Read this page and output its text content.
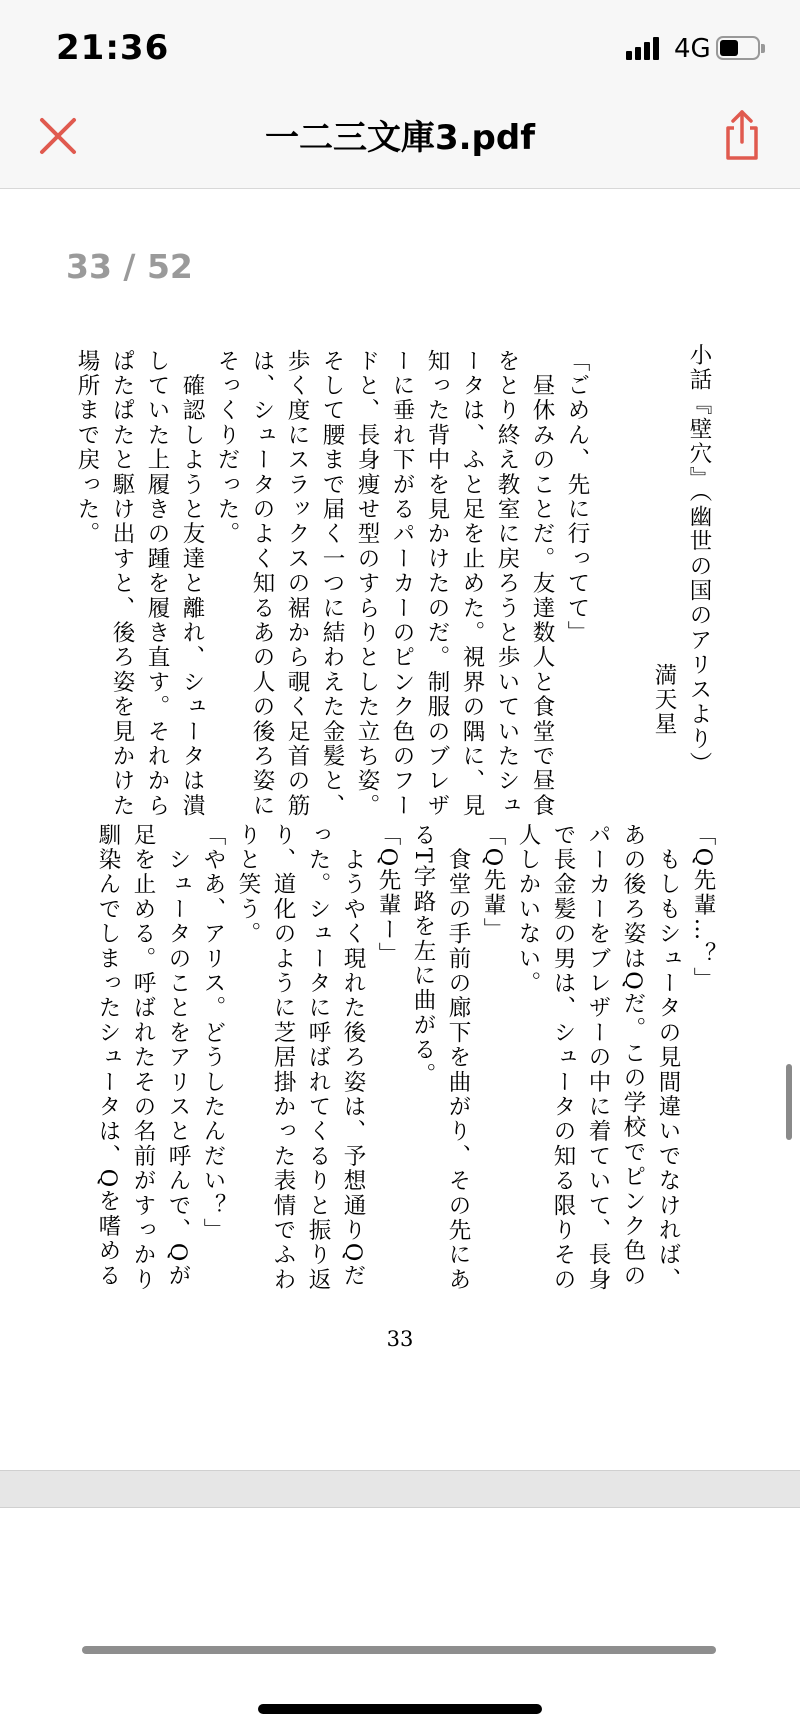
21:36	4G
一二三文庫3.pdf
33 / 52

小話『壁穴』（幽世の国のアリスより）

満天星

「ごめん、先に行ってて」

　昼休みのことだ。友達数人と食堂で昼食

をとり終え教室に戻ろうと歩いていたシュ

ータは、ふと足を止めた。視界の隅に、見

知った背中を見かけたのだ。制服のブレザ

ーに垂れ下がるパーカーのピンク色のフー

ドと、長身痩せ型のすらりとした立ち姿。

そして腰まで届く一つに結わえた金髪と、

歩く度にスラックスの裾から覗く足首の筋

は、シュータのよく知るあの人の後ろ姿に

そっくりだった。

　確認しようと友達と離れ、シュータは潰

していた上履きの踵を履き直す。それから

ぱたぱたと駆け出すと、後ろ姿を見かけた

場所まで戻った。

「Q先輩…？」

　もしもシュータの見間違いでなければ、

あの後ろ姿はQだ。この学校でピンク色の

パーカーをブレザーの中に着ていて、長身

で長金髪の男は、シュータの知る限りその

人しかいない。

「Q先輩」

　食堂の手前の廊下を曲がり、その先にあ

るT字路を左に曲がる。

「Q先輩ー」

　ようやく現れた後ろ姿は、予想通りQだ

った。シュータに呼ばれてくるりと振り返

り、道化のように芝居掛かった表情でふわ

りと笑う。

「やあ、アリス。どうしたんだい？」

　シュータのことをアリスと呼んで、Qが

足を止める。呼ばれたその名前がすっかり

馴染んでしまったシュータは、Qを嗜める

33
